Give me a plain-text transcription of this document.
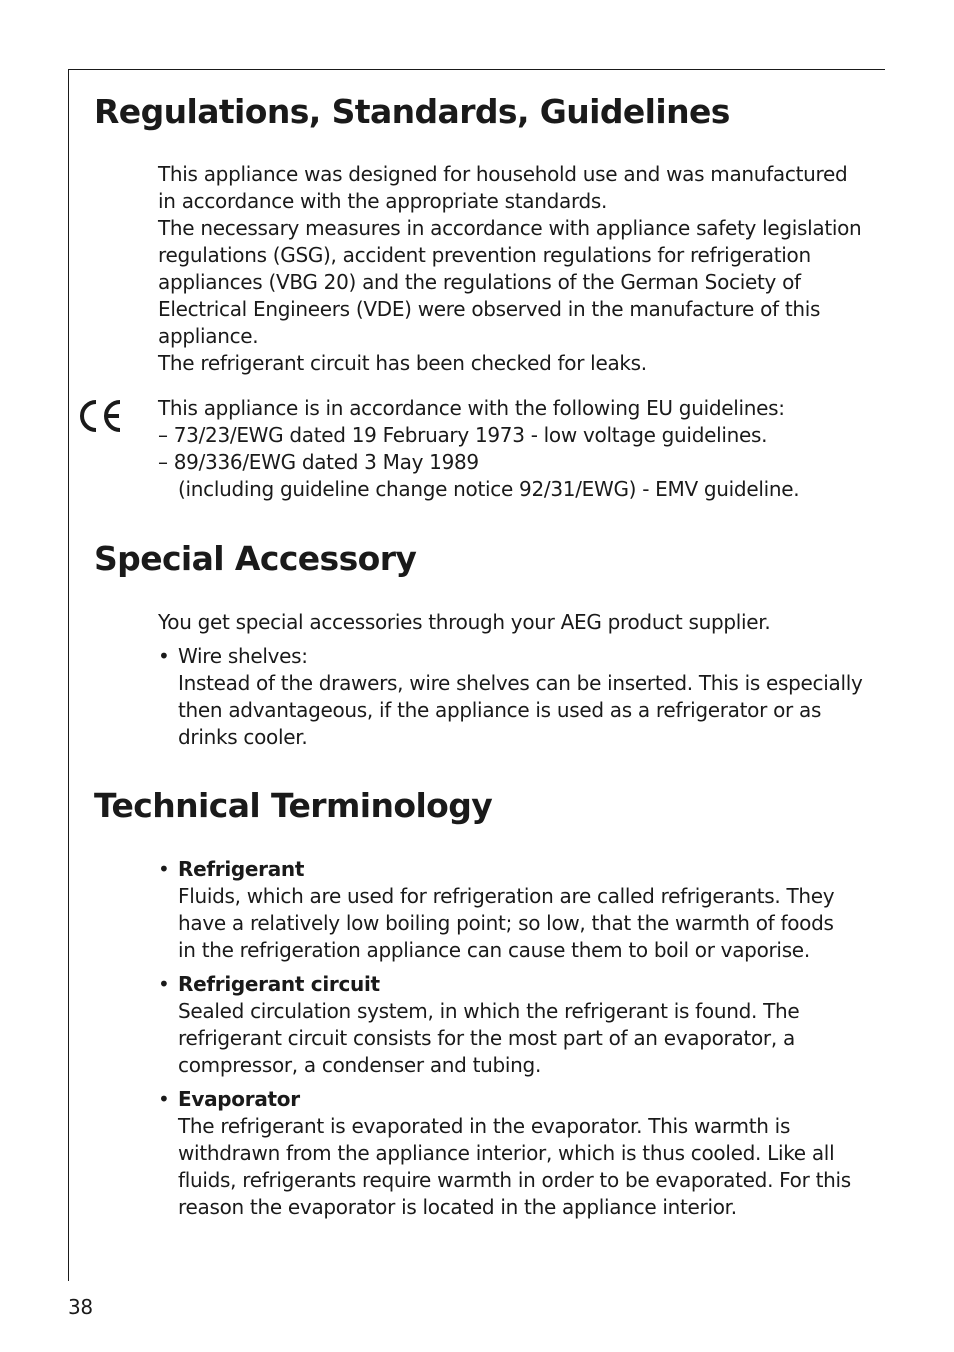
Regulations, Standards, Guidelines

This appliance was designed for household use and was manufactured

in accordance with the appropriate standards.

The necessary measures in accordance with appliance safety legislation

regulations (GSG), accident prevention regulations for refrigeration

appliances (VBG 20) and the regulations of the German Society of

Electrical Engineers (VDE) were observed in the manufacture of this

appliance.

The refrigerant circuit has been checked for leaks.

This appliance is in accordance with the following EU guidelines:

– 73/23/EWG dated 19 February 1973 - low voltage guidelines.

– 89/336/EWG dated 3 May 1989

(including guideline change notice 92/31/EWG) - EMV guideline.

Special Accessory

You get special accessories through your AEG product supplier.

• Wire shelves:

Instead of the drawers, wire shelves can be inserted. This is especially

then advantageous, if the appliance is used as a refrigerator or as

drinks cooler.

Technical Terminology
• Refrigerant

Fluids, which are used for refrigeration are called refrigerants. They

have a relatively low boiling point; so low, that the warmth of foods

in the refrigeration appliance can cause them to boil or vaporise.

• Refrigerant circuit

Sealed circulation system, in which the refrigerant is found. The

refrigerant circuit consists for the most part of an evaporator, a

compressor, a condenser and tubing.

• Evaporator

The refrigerant is evaporated in the evaporator. This warmth is

withdrawn from the appliance interior, which is thus cooled. Like all

fluids, refrigerants require warmth in order to be evaporated. For this

reason the evaporator is located in the appliance interior.

38
